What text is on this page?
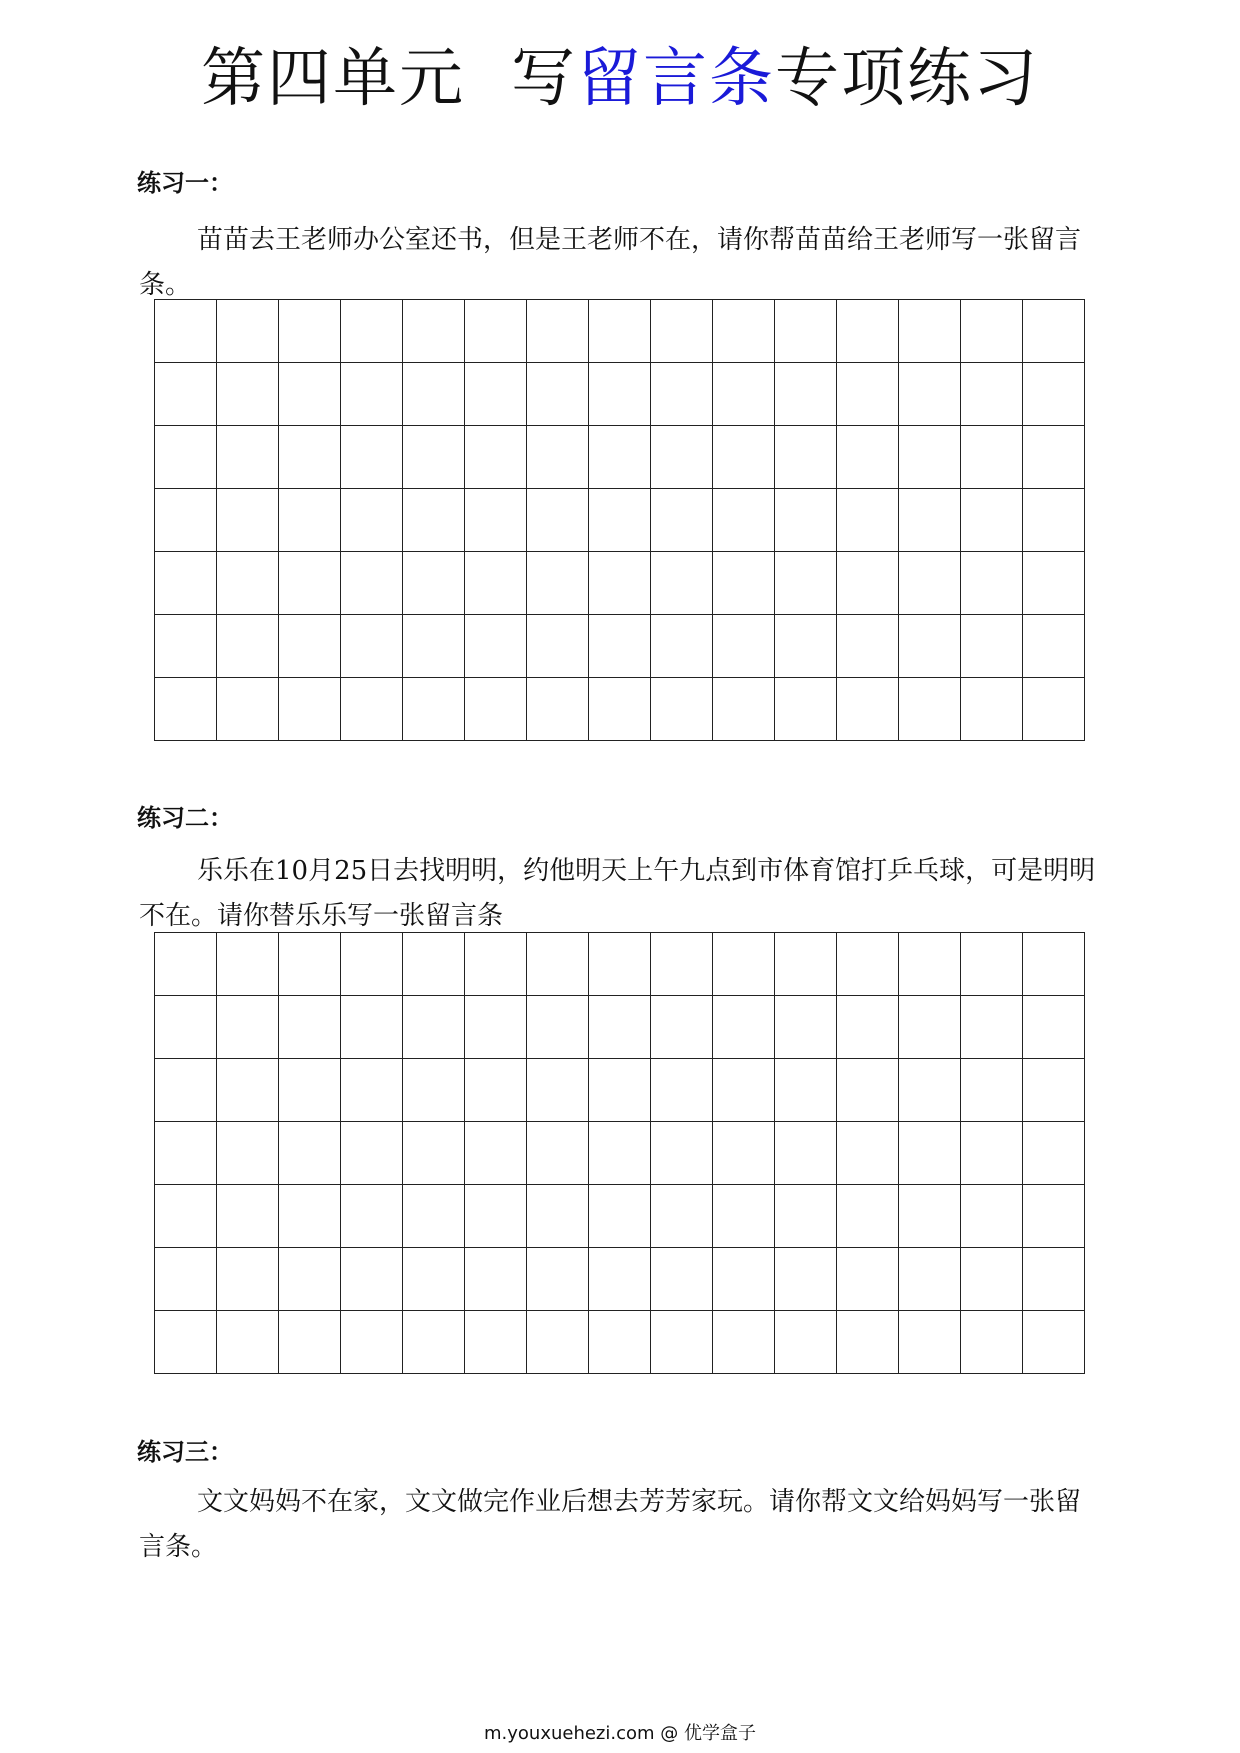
第四单元 写留言条专项练习
练习一：
苗苗去王老师办公室还书，但是王老师不在，请你帮苗苗给王老师写一张留言条。
练习二：
乐乐在10月25日去找明明，约他明天上午九点到市体育馆打乒乓球，可是明明不在。请你替乐乐写一张留言条
练习三：
文文妈妈不在家，文文做完作业后想去芳芳家玩。请你帮文文给妈妈写一张留言条。
m.youxuehezi.com @ 优学盒子
